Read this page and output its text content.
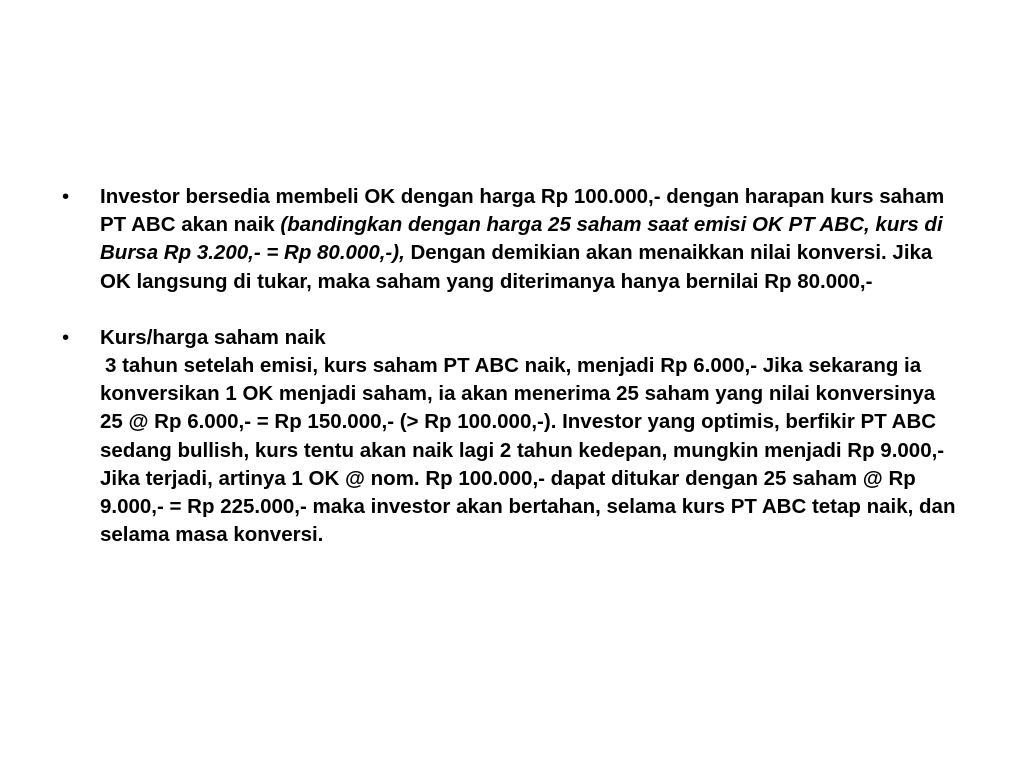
•	Investor bersedia membeli OK dengan harga Rp 100.000,- dengan harapan kurs saham PT ABC akan naik (bandingkan dengan harga 25 saham saat emisi OK PT ABC, kurs di Bursa Rp 3.200,- = Rp 80.000,-), Dengan demikian akan menaikkan nilai konversi. Jika OK langsung di tukar, maka saham yang diterimanya hanya bernilai Rp 80.000,-
•	Kurs/harga saham naik
3 tahun setelah emisi, kurs saham PT ABC naik, menjadi Rp 6.000,- Jika sekarang ia konversikan 1 OK menjadi saham, ia akan menerima 25 saham yang nilai konversinya 25 @ Rp 6.000,- = Rp 150.000,- (> Rp 100.000,-). Investor yang optimis, berfikir PT ABC sedang bullish, kurs tentu akan naik lagi 2 tahun kedepan, mungkin menjadi Rp 9.000,- Jika terjadi, artinya 1 OK @ nom. Rp 100.000,- dapat ditukar dengan 25 saham @ Rp 9.000,- = Rp 225.000,- maka investor akan bertahan, selama kurs PT ABC tetap naik, dan selama masa konversi.
